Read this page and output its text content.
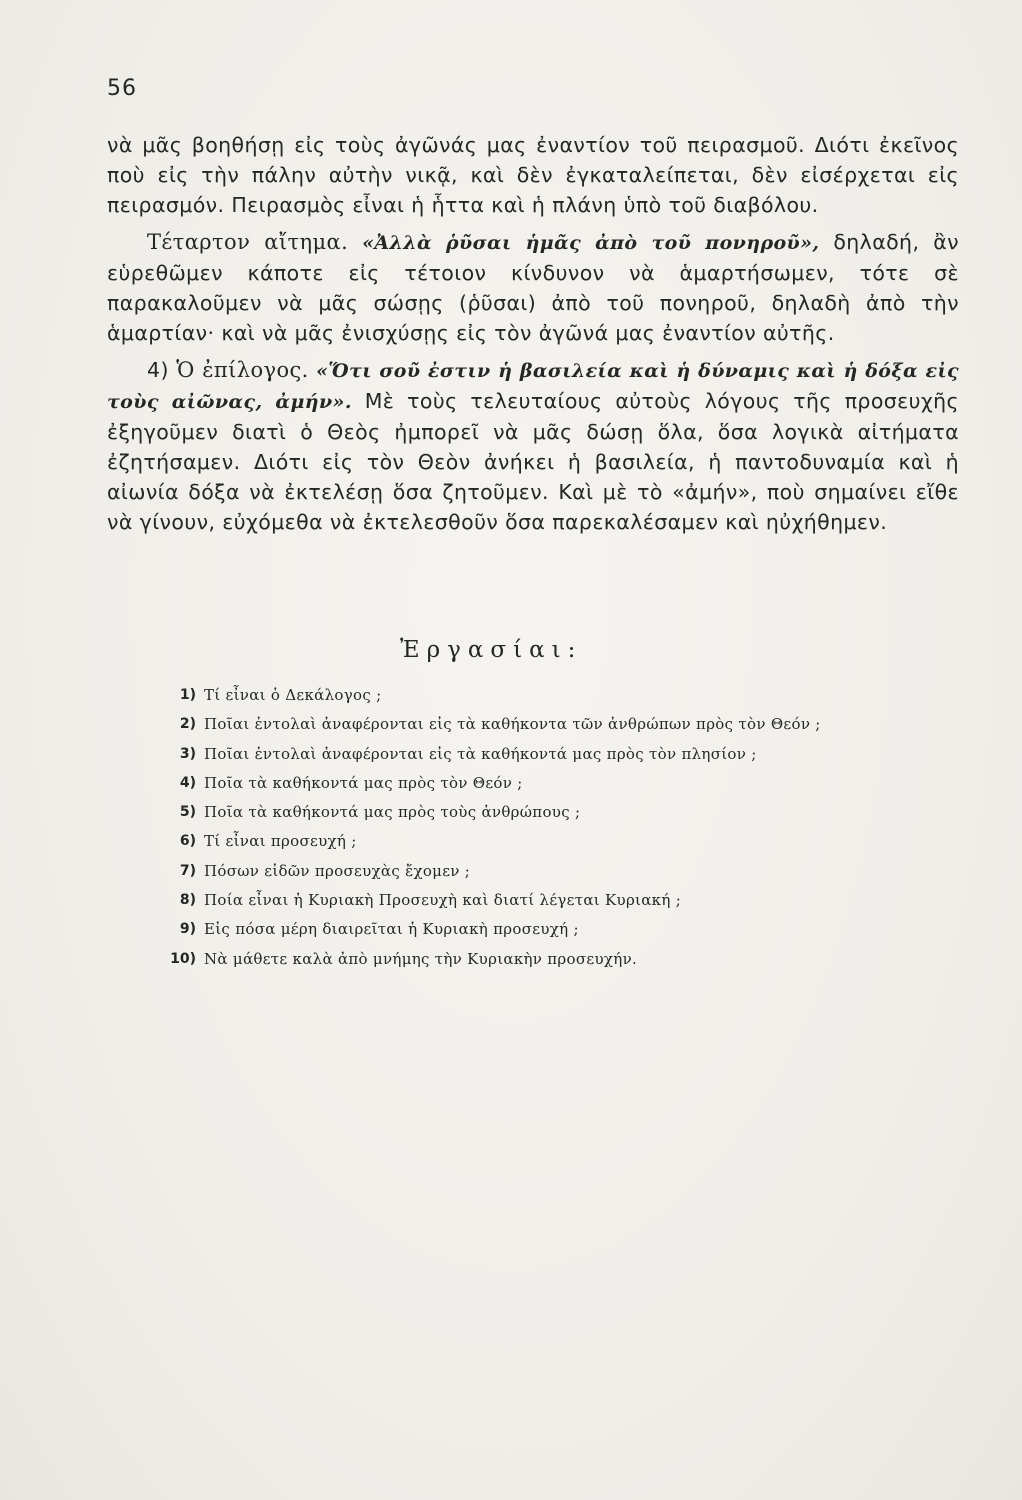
56

νὰ μᾶς βοηθήσῃ εἰς τοὺς ἀγῶνάς μας ἐναντίον τοῦ πειρασμοῦ. Διότι ἐκεῖνος ποὺ εἰς τὴν πάλην αὐτὴν νικᾷ, καὶ δὲν ἐγκαταλείπεται, δὲν εἰσέρχεται εἰς πειρασμόν. Πειρασμὸς εἶναι ἡ ἧττα καὶ ἡ πλάνη ὑπὸ τοῦ διαβόλου.

Τέταρτον αἴτημα. «Ἀλλὰ ῥῦσαι ἡμᾶς ἀπὸ τοῦ πονηροῦ», δηλαδή, ἂν εὑρεθῶμεν κάποτε εἰς τέτοιον κίνδυνον νὰ ἁμαρτήσωμεν, τότε σὲ παρακαλοῦμεν νὰ μᾶς σώσῃς (ῥῦσαι) ἀπὸ τοῦ πονηροῦ, δηλαδὴ ἀπὸ τὴν ἁμαρτίαν· καὶ νὰ μᾶς ἐνισχύσῃς εἰς τὸν ἀγῶνά μας ἐναντίον αὐτῆς.

4) Ὁ ἐπίλογος. «Ὅτι σοῦ ἐστιν ἡ βασιλεία καὶ ἡ δύναμις καὶ ἡ δόξα εἰς τοὺς αἰῶνας, ἀμήν». Μὲ τοὺς τελευταίους αὐτοὺς λόγους τῆς προσευχῆς ἐξηγοῦμεν διατὶ ὁ Θεὸς ἠμπορεῖ νὰ μᾶς δώσῃ ὅλα, ὅσα λογικὰ αἰτήματα ἐζητήσαμεν. Διότι εἰς τὸν Θεὸν ἀνήκει ἡ βασιλεία, ἡ παντοδυναμία καὶ ἡ αἰωνία δόξα νὰ ἐκτελέσῃ ὅσα ζητοῦμεν. Καὶ μὲ τὸ «ἀμήν», ποὺ σημαίνει εἴθε νὰ γίνουν, εὐχόμεθα νὰ ἐκτελεσθοῦν ὅσα παρεκαλέσαμεν καὶ ηὐχήθημεν.

Ἐργασίαι:
1) Τί εἶναι ὁ Δεκάλογος ;
2) Ποῖαι ἐντολαὶ ἀναφέρονται εἰς τὰ καθήκοντα τῶν ἀνθρώπων πρὸς τὸν Θεόν ;
3) Ποῖαι ἐντολαὶ ἀναφέρονται εἰς τὰ καθήκοντά μας πρὸς τὸν πλησίον ;
4) Ποῖα τὰ καθήκοντά μας πρὸς τὸν Θεόν ;
5) Ποῖα τὰ καθήκοντά μας πρὸς τοὺς ἀνθρώπους ;
6) Τί εἶναι προσευχή ;
7) Πόσων εἰδῶν προσευχὰς ἔχομεν ;
8) Ποία εἶναι ἡ Κυριακὴ Προσευχὴ καὶ διατί λέγεται Κυριακή ;
9) Εἰς πόσα μέρη διαιρεῖται ἡ Κυριακὴ προσευχή ;
10) Νὰ μάθετε καλὰ ἀπὸ μνήμης τὴν Κυριακὴν προσευχήν.
